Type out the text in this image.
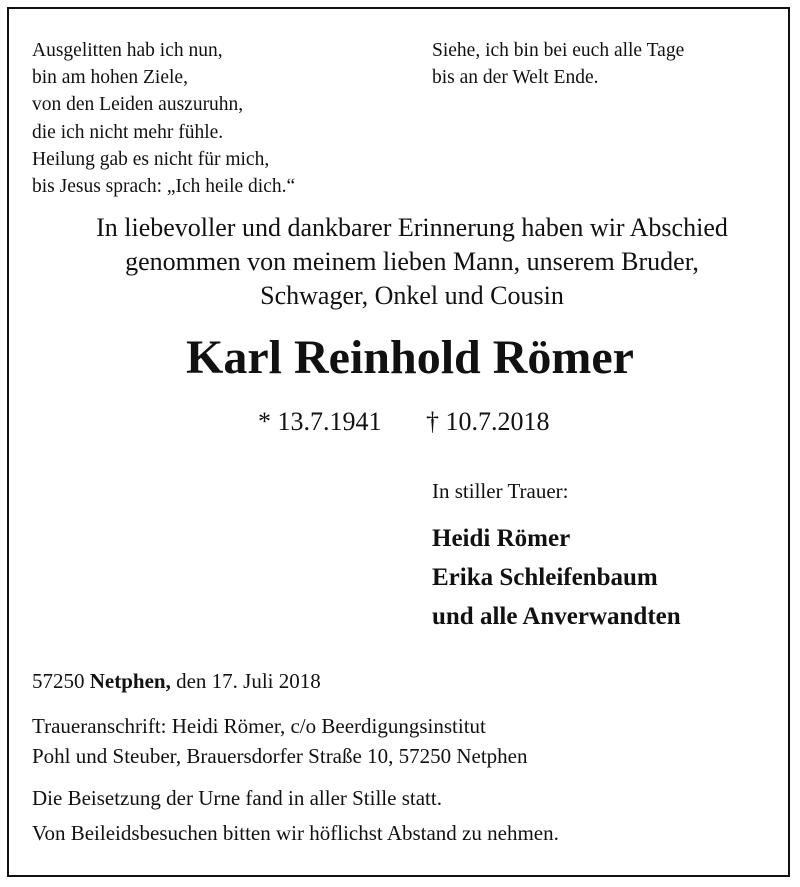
Ausgelitten hab ich nun,
bin am hohen Ziele,
von den Leiden auszuruhn,
die ich nicht mehr fühle.
Heilung gab es nicht für mich,
bis Jesus sprach: „Ich heile dich.“
Siehe, ich bin bei euch alle Tage
bis an der Welt Ende.
In liebevoller und dankbarer Erinnerung haben wir Abschied
genommen von meinem lieben Mann, unserem Bruder,
Schwager, Onkel und Cousin
Karl Reinhold Römer
* 13.7.1941 † 10.7.2018
In stiller Trauer:
Heidi Römer
Erika Schleifenbaum
und alle Anverwandten
57250 Netphen, den 17. Juli 2018
Traueranschrift: Heidi Römer, c/o Beerdigungsinstitut
Pohl und Steuber, Brauersdorfer Straße 10, 57250 Netphen
Die Beisetzung der Urne fand in aller Stille statt.
Von Beileidsbesuchen bitten wir höflichst Abstand zu nehmen.
